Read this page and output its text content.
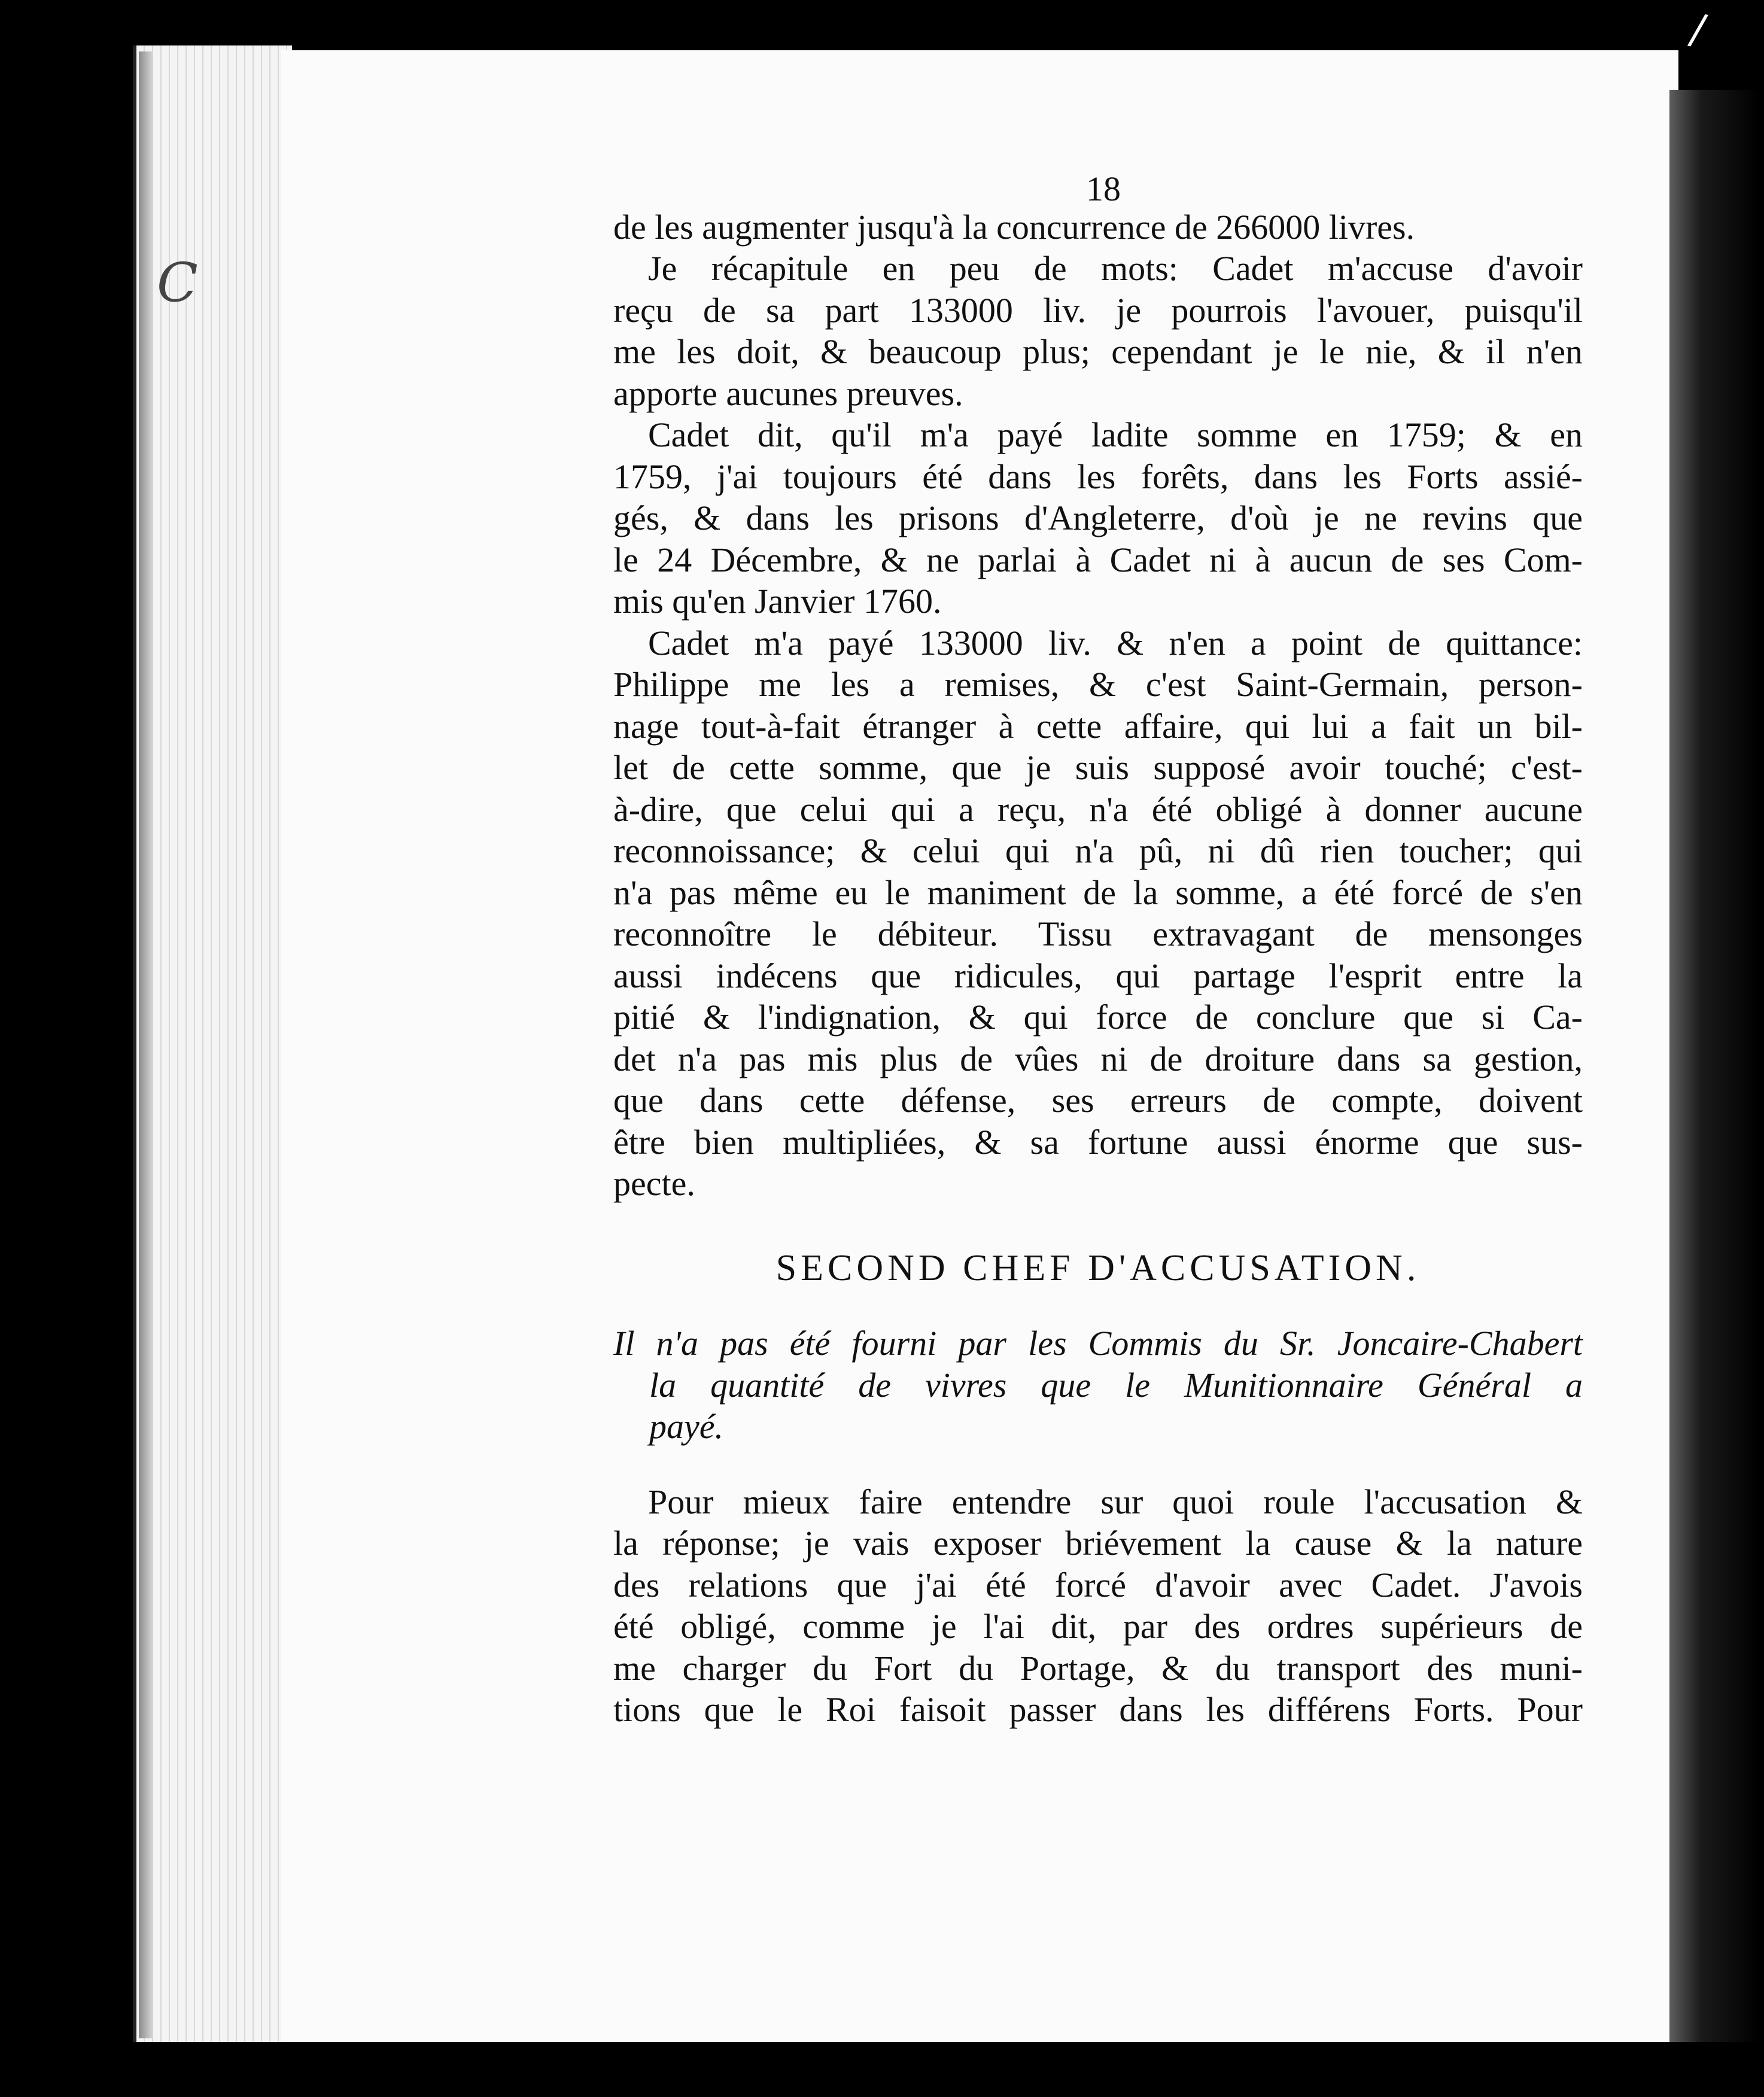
/
C
18
de les augmenter jusqu'à la concurrence de 266000 livres.
Je récapitule en peu de mots: Cadet m'accuse d'avoir
reçu de sa part 133000 liv. je pourrois l'avouer, puisqu'il
me les doit, & beaucoup plus; cependant je le nie, & il n'en
apporte aucunes preuves.
Cadet dit, qu'il m'a payé ladite somme en 1759; & en
1759, j'ai toujours été dans les forêts, dans les Forts assié-
gés, & dans les prisons d'Angleterre, d'où je ne revins que
le 24 Décembre, & ne parlai à Cadet ni à aucun de ses Com-
mis qu'en Janvier 1760.
Cadet m'a payé 133000 liv. & n'en a point de quittance:
Philippe me les a remises, & c'est Saint-Germain, person-
nage tout-à-fait étranger à cette affaire, qui lui a fait un bil-
let de cette somme, que je suis supposé avoir touché; c'est-
à-dire, que celui qui a reçu, n'a été obligé à donner aucune
reconnoissance; & celui qui n'a pû, ni dû rien toucher; qui
n'a pas même eu le maniment de la somme, a été forcé de s'en
reconnoître le débiteur. Tissu extravagant de mensonges
aussi indécens que ridicules, qui partage l'esprit entre la
pitié & l'indignation, & qui force de conclure que si Ca-
det n'a pas mis plus de vûes ni de droiture dans sa gestion,
que dans cette défense, ses erreurs de compte, doivent
être bien multipliées, & sa fortune aussi énorme que sus-
pecte.
SECOND CHEF D'ACCUSATION.
Il n'a pas été fourni par les Commis du Sr. Joncaire-Chabert
la quantité de vivres que le Munitionnaire Général a
payé.
Pour mieux faire entendre sur quoi roule l'accusation &
la réponse; je vais exposer briévement la cause & la nature
des relations que j'ai été forcé d'avoir avec Cadet. J'avois
été obligé, comme je l'ai dit, par des ordres supérieurs de
me charger du Fort du Portage, & du transport des muni-
tions que le Roi faisoit passer dans les différens Forts. Pour
